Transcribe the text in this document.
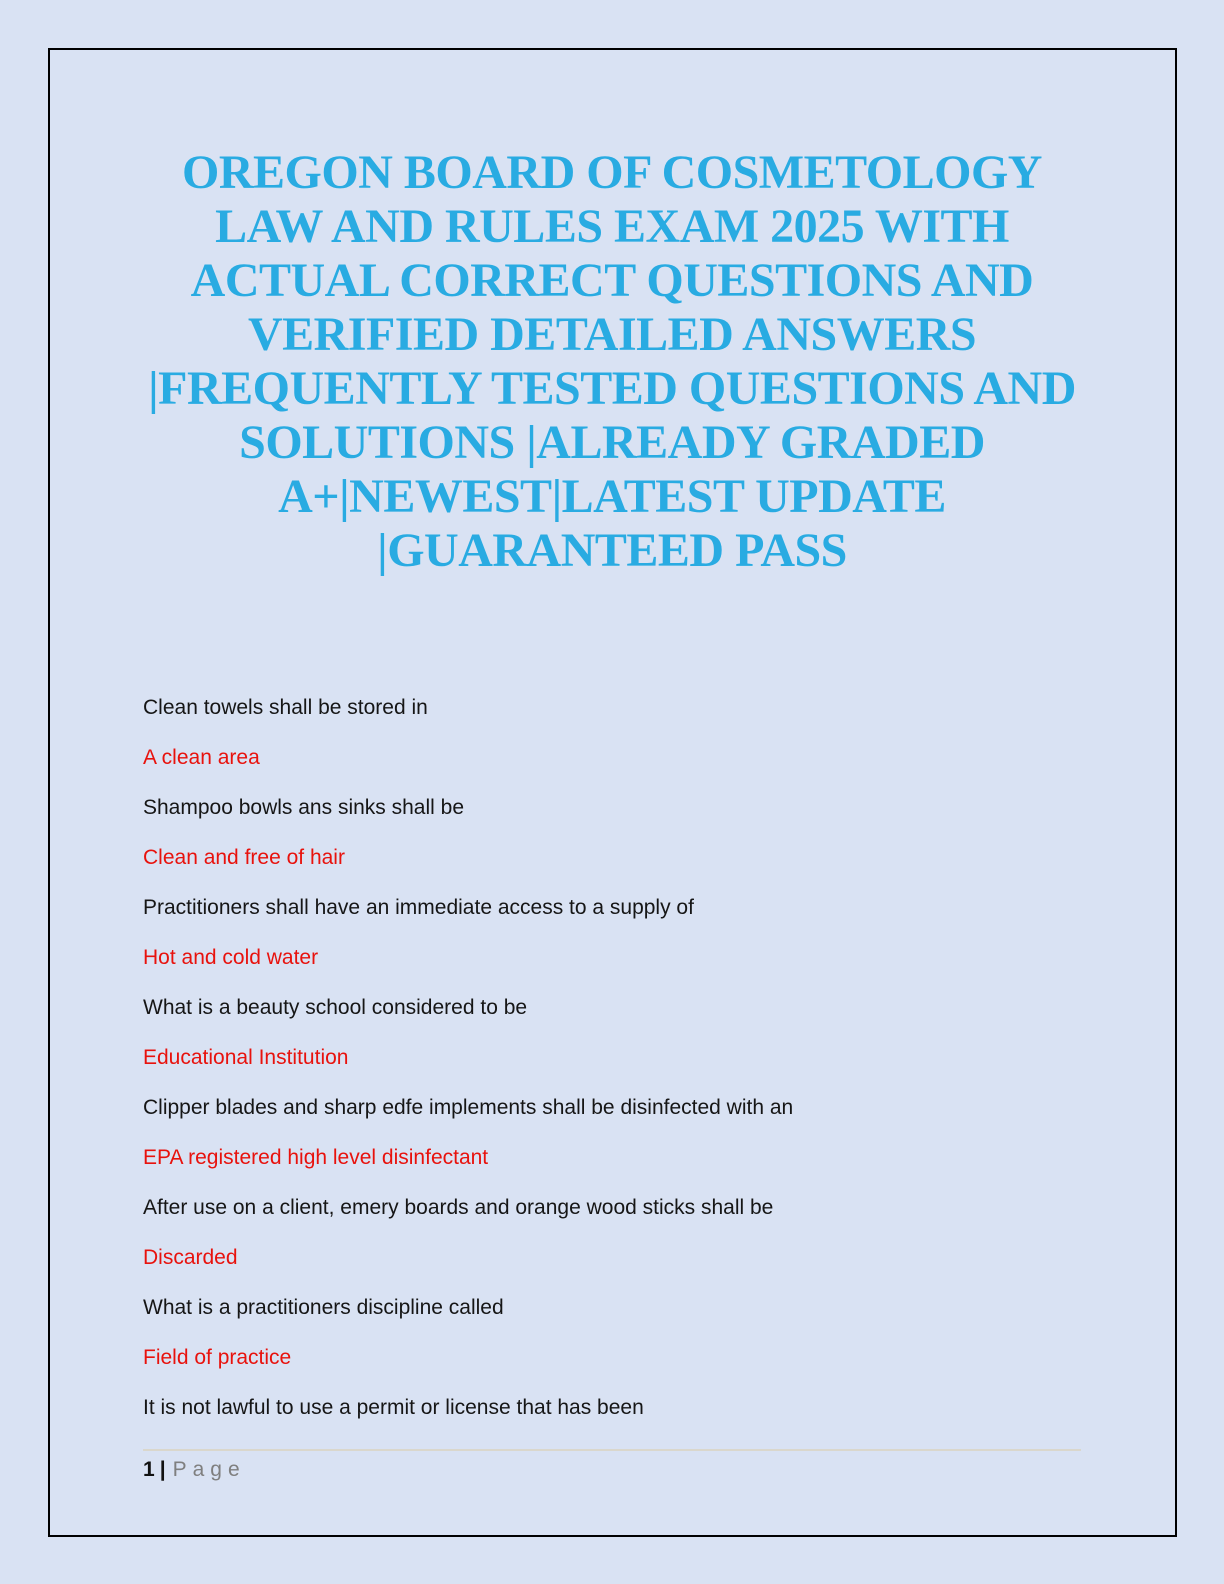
OREGON BOARD OF COSMETOLOGY
LAW AND RULES EXAM 2025 WITH
ACTUAL CORRECT QUESTIONS AND
VERIFIED DETAILED ANSWERS
|FREQUENTLY TESTED QUESTIONS AND
SOLUTIONS |ALREADY GRADED
A+|NEWEST|LATEST UPDATE
|GUARANTEED PASS

Clean towels shall be stored in

A clean area

Shampoo bowls ans sinks shall be

Clean and free of hair

Practitioners shall have an immediate access to a supply of

Hot and cold water

What is a beauty school considered to be

Educational Institution

Clipper blades and sharp edfe implements shall be disinfected with an

EPA registered high level disinfectant

After use on a client, emery boards and orange wood sticks shall be

Discarded

What is a practitioners discipline called

Field of practice

It is not lawful to use a permit or license that has been

1 | Page
